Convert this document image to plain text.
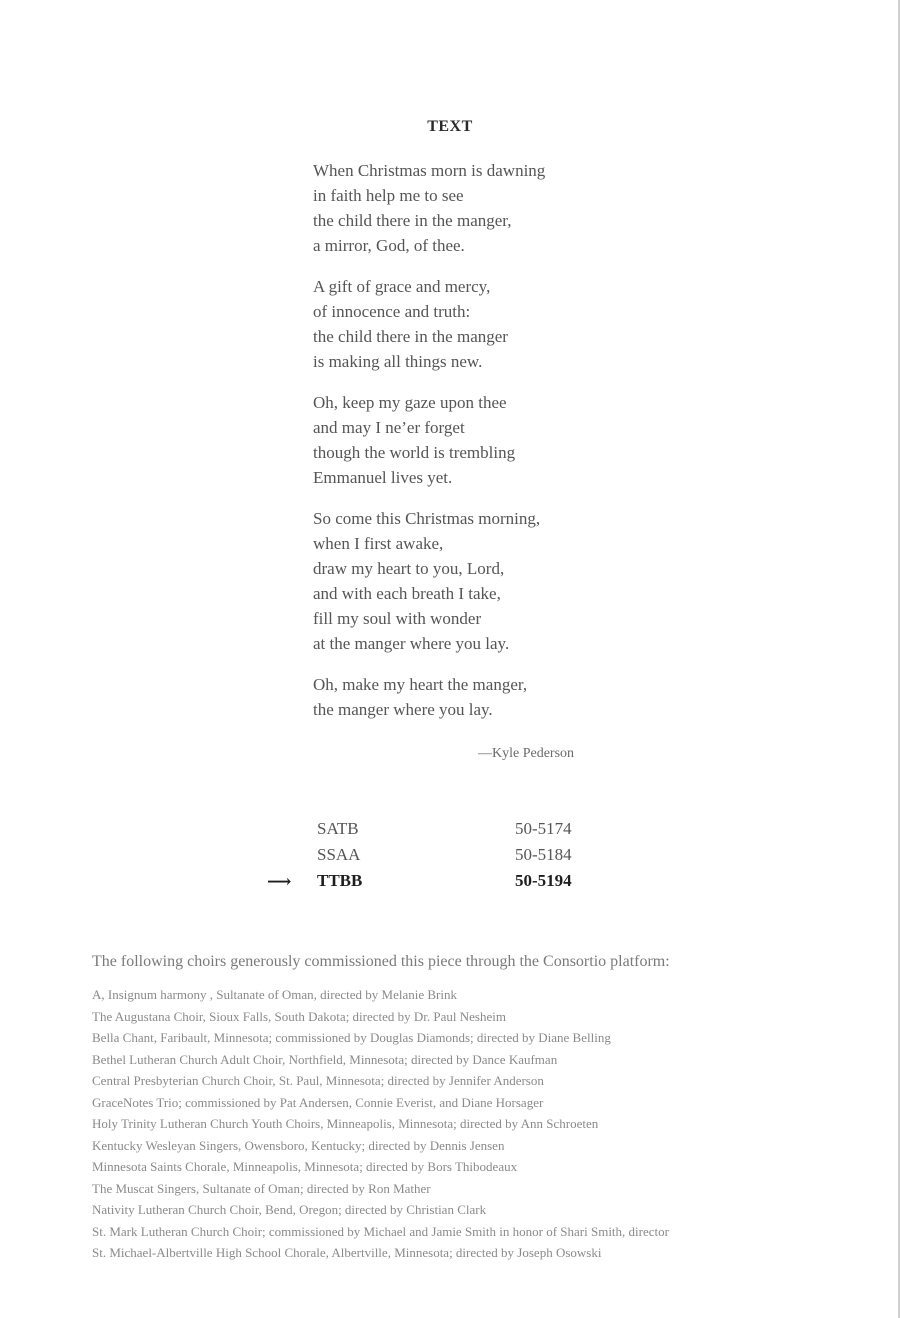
TEXT
When Christmas morn is dawning
in faith help me to see
the child there in the manger,
a mirror, God, of thee.
A gift of grace and mercy,
of innocence and truth:
the child there in the manger
is making all things new.
Oh, keep my gaze upon thee
and may I ne’er forget
though the world is trembling
Emmanuel lives yet.
So come this Christmas morning,
when I first awake,
draw my heart to you, Lord,
and with each breath I take,
fill my soul with wonder
at the manger where you lay.
Oh, make my heart the manger,
the manger where you lay.
—Kyle Pederson
SATB	50-5174
SSAA	50-5184
⟶ TTBB	50-5194
The following choirs generously commissioned this piece through the Consortio platform:
A, Insignum harmony , Sultanate of Oman, directed by Melanie Brink
The Augustana Choir, Sioux Falls, South Dakota; directed by Dr. Paul Nesheim
Bella Chant, Faribault, Minnesota; commissioned by Douglas Diamonds; directed by Diane Belling
Bethel Lutheran Church Adult Choir, Northfield, Minnesota; directed by Dance Kaufman
Central Presbyterian Church Choir, St. Paul, Minnesota; directed by Jennifer Anderson
GraceNotes Trio; commissioned by Pat Andersen, Connie Everist, and Diane Horsager
Holy Trinity Lutheran Church Youth Choirs, Minneapolis, Minnesota; directed by Ann Schroeten
Kentucky Wesleyan Singers, Owensboro, Kentucky; directed by Dennis Jensen
Minnesota Saints Chorale, Minneapolis, Minnesota; directed by Bors Thibodeaux
The Muscat Singers, Sultanate of Oman; directed by Ron Mather
Nativity Lutheran Church Choir, Bend, Oregon; directed by Christian Clark
St. Mark Lutheran Church Choir; commissioned by Michael and Jamie Smith in honor of Shari Smith, director
St. Michael-Albertville High School Chorale, Albertville, Minnesota; directed by Joseph Osowski
